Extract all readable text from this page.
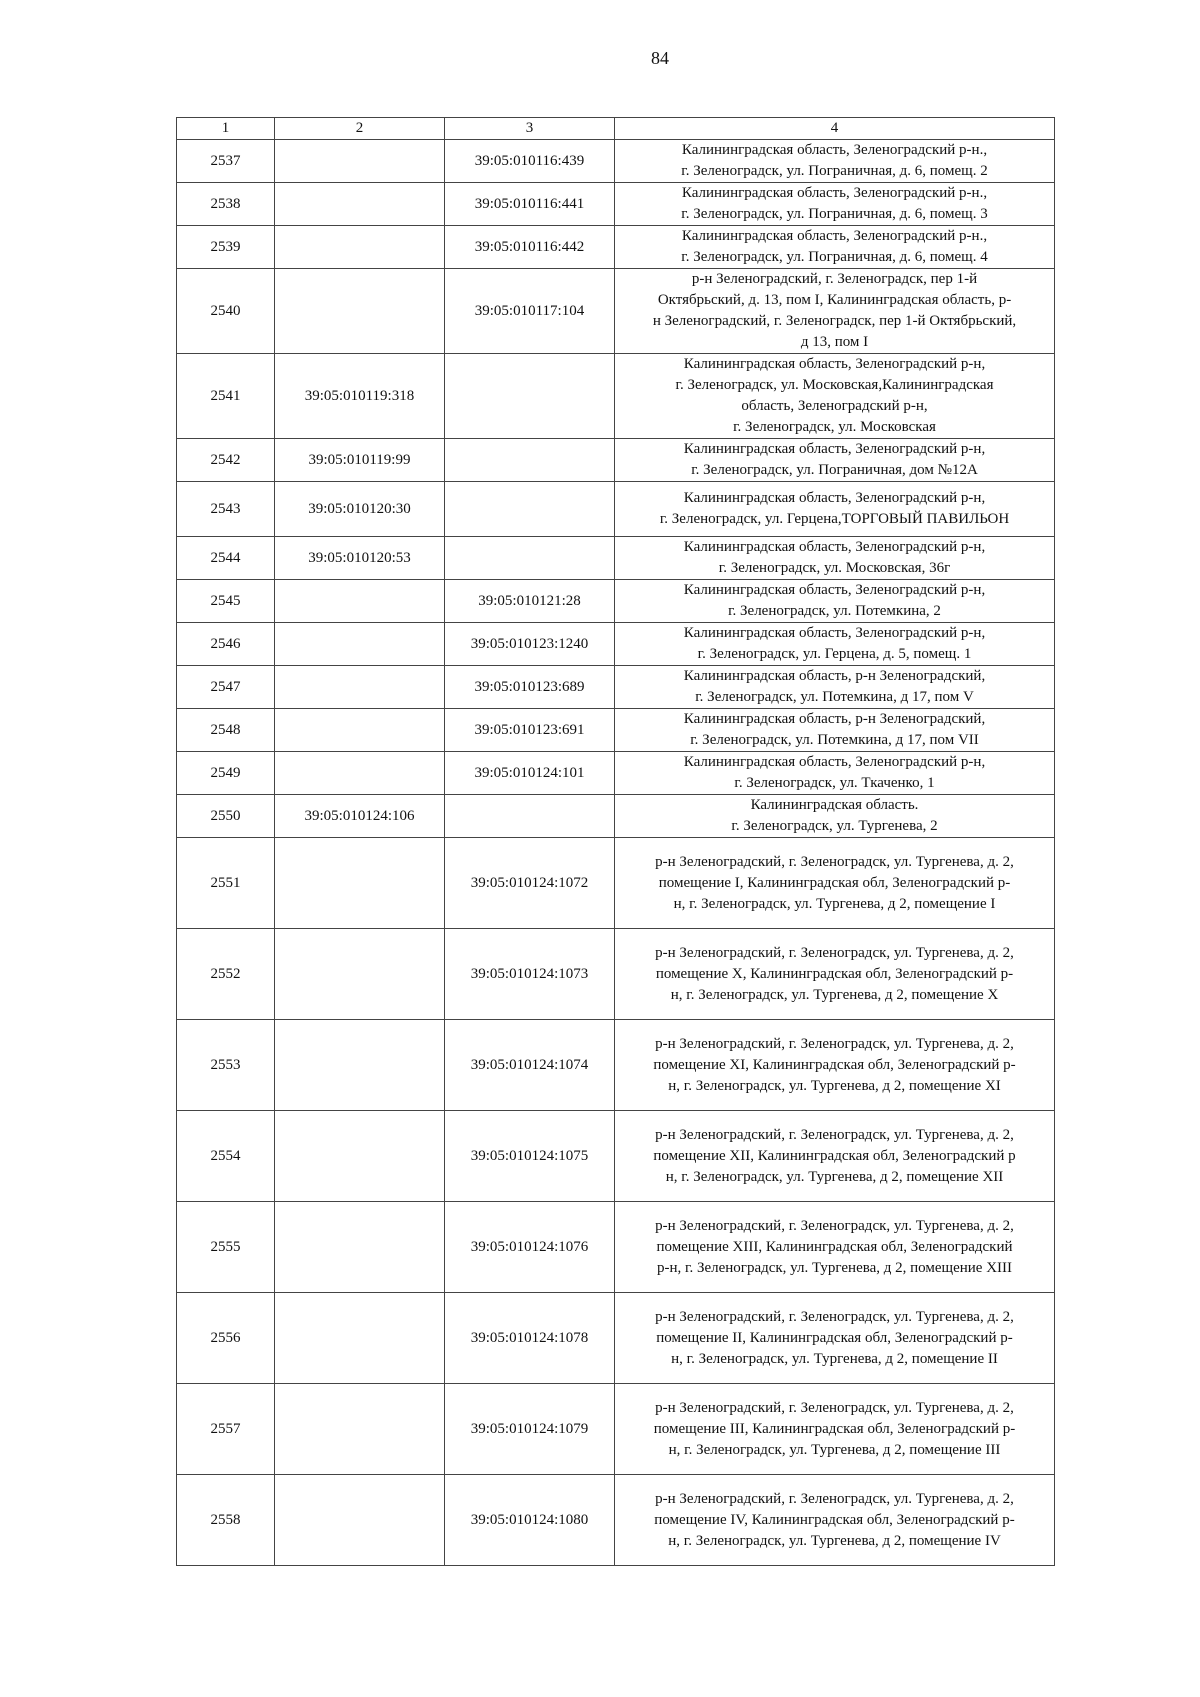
84
1	2	3	4
2537		39:05:010116:439	Калининградская область, Зеленоградский р-н.,
г. Зеленоградск, ул. Пограничная, д. 6, помещ. 2
2538		39:05:010116:441	Калининградская область, Зеленоградский р-н.,
г. Зеленоградск, ул. Пограничная, д. 6, помещ. 3
2539		39:05:010116:442	Калининградская область, Зеленоградский р-н.,
г. Зеленоградск, ул. Пограничная, д. 6, помещ. 4
2540		39:05:010117:104	р-н Зеленоградский, г. Зеленоградск, пер 1-й
Октябрьский, д. 13, пом I, Калининградская область, р-
н Зеленоградский, г. Зеленоградск, пер 1-й Октябрьский,
д 13, пом I
2541	39:05:010119:318		Калининградская область, Зеленоградский р-н,
г. Зеленоградск, ул. Московская,Калининградская
область, Зеленоградский р-н,
г. Зеленоградск, ул. Московская
2542	39:05:010119:99		Калининградская область, Зеленоградский р-н,
г. Зеленоградск, ул. Пограничная, дом №12А
2543	39:05:010120:30		Калининградская область, Зеленоградский р-н,
г. Зеленоградск, ул. Герцена,ТОРГОВЫЙ ПАВИЛЬОН
2544	39:05:010120:53		Калининградская область, Зеленоградский р-н,
г. Зеленоградск, ул. Московская, 36г
2545		39:05:010121:28	Калининградская область, Зеленоградский р-н,
г. Зеленоградск, ул. Потемкина, 2
2546		39:05:010123:1240	Калининградская область, Зеленоградский р-н,
г. Зеленоградск, ул. Герцена, д. 5, помещ. 1
2547		39:05:010123:689	Калининградская область, р-н Зеленоградский,
г. Зеленоградск, ул. Потемкина, д 17, пом V
2548		39:05:010123:691	Калининградская область, р-н Зеленоградский,
г. Зеленоградск, ул. Потемкина, д 17, пом VII
2549		39:05:010124:101	Калининградская область, Зеленоградский р-н,
г. Зеленоградск, ул. Ткаченко, 1
2550	39:05:010124:106		Калининградская область.
г. Зеленоградск, ул. Тургенева, 2
2551		39:05:010124:1072	р-н Зеленоградский, г. Зеленоградск, ул. Тургенева, д. 2,
помещение I, Калининградская обл, Зеленоградский р-
н, г. Зеленоградск, ул. Тургенева, д 2, помещение I
2552		39:05:010124:1073	р-н Зеленоградский, г. Зеленоградск, ул. Тургенева, д. 2,
помещение X, Калининградская обл, Зеленоградский р-
н, г. Зеленоградск, ул. Тургенева, д 2, помещение X
2553		39:05:010124:1074	р-н Зеленоградский, г. Зеленоградск, ул. Тургенева, д. 2,
помещение XI, Калининградская обл, Зеленоградский р-
н, г. Зеленоградск, ул. Тургенева, д 2, помещение XI
2554		39:05:010124:1075	р-н Зеленоградский, г. Зеленоградск, ул. Тургенева, д. 2,
помещение XII, Калининградская обл, Зеленоградский р
н, г. Зеленоградск, ул. Тургенева, д 2, помещение XII
2555		39:05:010124:1076	р-н Зеленоградский, г. Зеленоградск, ул. Тургенева, д. 2,
помещение XIII, Калининградская обл, Зеленоградский
р-н, г. Зеленоградск, ул. Тургенева, д 2, помещение XIII
2556		39:05:010124:1078	р-н Зеленоградский, г. Зеленоградск, ул. Тургенева, д. 2,
помещение II, Калининградская обл, Зеленоградский р-
н, г. Зеленоградск, ул. Тургенева, д 2, помещение II
2557		39:05:010124:1079	р-н Зеленоградский, г. Зеленоградск, ул. Тургенева, д. 2,
помещение III, Калининградская обл, Зеленоградский р-
н, г. Зеленоградск, ул. Тургенева, д 2, помещение III
2558		39:05:010124:1080	р-н Зеленоградский, г. Зеленоградск, ул. Тургенева, д. 2,
помещение IV, Калининградская обл, Зеленоградский р-
н, г. Зеленоградск, ул. Тургенева, д 2, помещение IV
